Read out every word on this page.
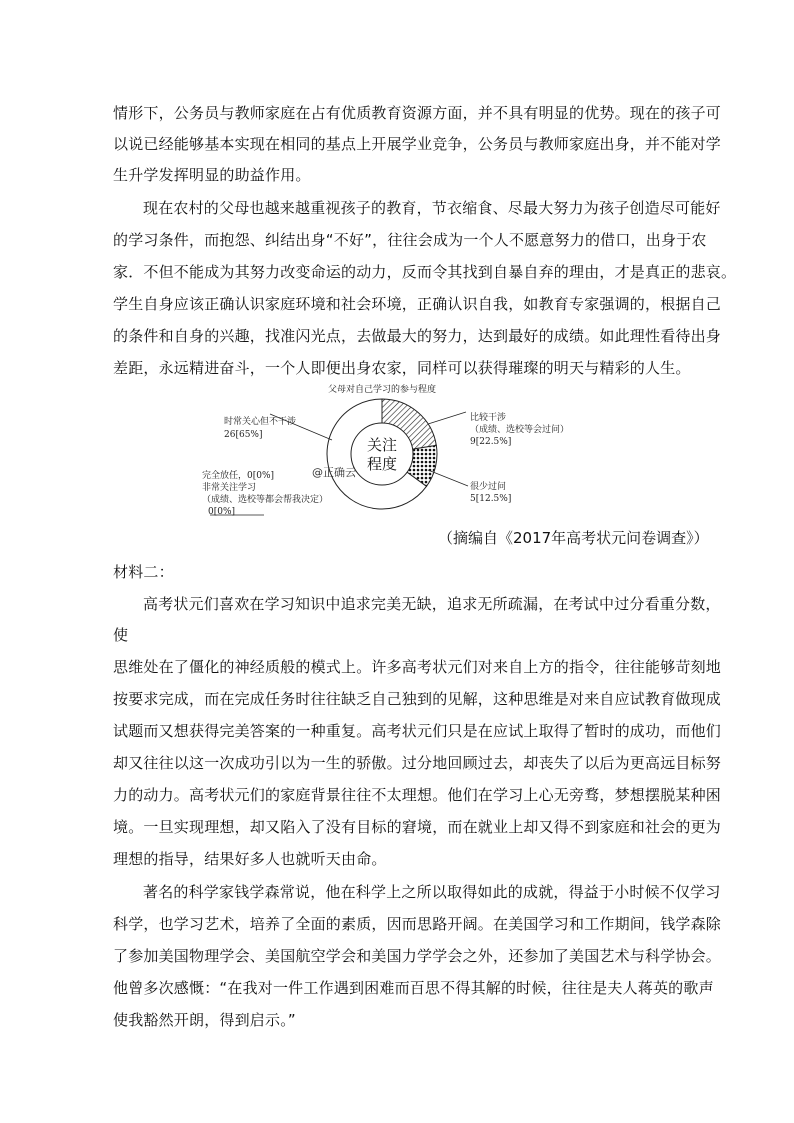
情形下，公务员与教师家庭在占有优质教育资源方面，并不具有明显的优势。现在的孩子可
以说已经能够基本实现在相同的基点上开展学业竞争，公务员与教师家庭出身，并不能对学
生升学发挥明显的助益作用。
现在农村的父母也越来越重视孩子的教育，节衣缩食、尽最大努力为孩子创造尽可能好
的学习条件，而抱怨、纠结出身“不好”，往往会成为一个人不愿意努力的借口，出身于农
家．不但不能成为其努力改变命运的动力，反而令其找到自暴自弃的理由，才是真正的悲哀。
学生自身应该正确认识家庭环境和社会环境，正确认识自我，如教育专家强调的，根据自己
的条件和自身的兴趣，找准闪光点，去做最大的努力，达到最好的成绩。如此理性看待出身
差距，永远精进奋斗，一个人即便出身农家，同样可以获得璀璨的明天与精彩的人生。
父母对自己学习的参与程度
关注
程度
@正确云
时常关心但不干涉
26[65%]
比较干涉
（成绩、选校等会过问）
9[22.5%]
很少过问
5[12.5%]
完全放任，0[0%]
非常关注学习
（成绩、选校等都会帮我决定）
0[0%]
（摘编自《2017年高考状元问卷调查》）
材料二：
高考状元们喜欢在学习知识中追求完美无缺，追求无所疏漏，在考试中过分看重分数，
使
思维处在了僵化的神经质般的模式上。许多高考状元们对来自上方的指令，往往能够苛刻地
按要求完成，而在完成任务时往往缺乏自己独到的见解，这种思维是对来自应试教育做现成
试题而又想获得完美答案的一种重复。高考状元们只是在应试上取得了暂时的成功，而他们
却又往往以这一次成功引以为一生的骄傲。过分地回顾过去，却丧失了以后为更高远目标努
力的动力。高考状元们的家庭背景往往不太理想。他们在学习上心无旁骛，梦想摆脱某种困
境。一旦实现理想，却又陷入了没有目标的窘境，而在就业上却又得不到家庭和社会的更为
理想的指导，结果好多人也就听天由命。
著名的科学家钱学森常说，他在科学上之所以取得如此的成就，得益于小时候不仅学习
科学，也学习艺术，培养了全面的素质，因而思路开阔。在美国学习和工作期间，钱学森除
了参加美国物理学会、美国航空学会和美国力学学会之外，还参加了美国艺术与科学协会。
他曾多次感慨：“在我对一件工作遇到困难而百思不得其解的时候，往往是夫人蒋英的歌声
使我豁然开朗，得到启示。”
